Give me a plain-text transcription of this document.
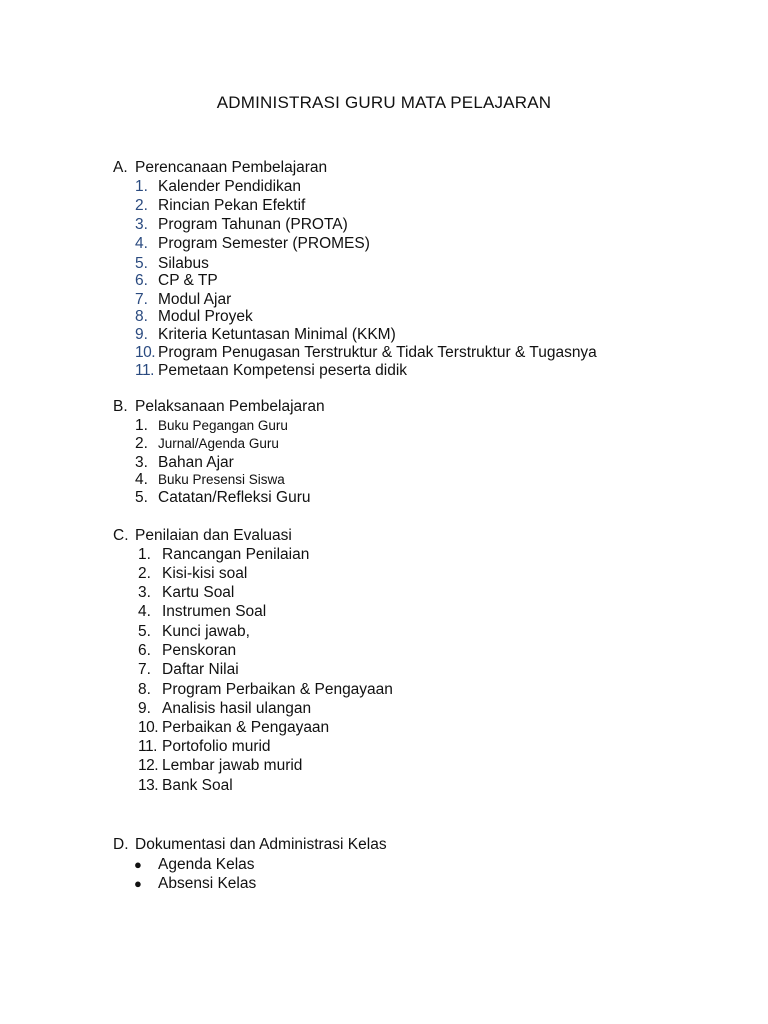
ADMINISTRASI GURU MATA PELAJARAN
A. Perencanaan Pembelajaran
1. Kalender Pendidikan
2. Rincian Pekan Efektif
3. Program Tahunan (PROTA)
4. Program Semester (PROMES)
5. Silabus
6. CP & TP
7. Modul Ajar
8. Modul Proyek
9. Kriteria Ketuntasan Minimal (KKM)
10. Program Penugasan Terstruktur & Tidak Terstruktur & Tugasnya
11. Pemetaan Kompetensi peserta didik
B. Pelaksanaan Pembelajaran
1. Buku Pegangan Guru
2. Jurnal/Agenda Guru
3. Bahan Ajar
4. Buku Presensi Siswa
5. Catatan/Refleksi Guru
C. Penilaian dan Evaluasi
1. Rancangan Penilaian
2. Kisi-kisi soal
3. Kartu Soal
4. Instrumen Soal
5. Kunci jawab,
6. Penskoran
7. Daftar Nilai
8. Program Perbaikan & Pengayaan
9. Analisis hasil ulangan
10. Perbaikan & Pengayaan
11. Portofolio murid
12. Lembar jawab murid
13. Bank Soal
D. Dokumentasi dan Administrasi Kelas
● Agenda Kelas
● Absensi Kelas
